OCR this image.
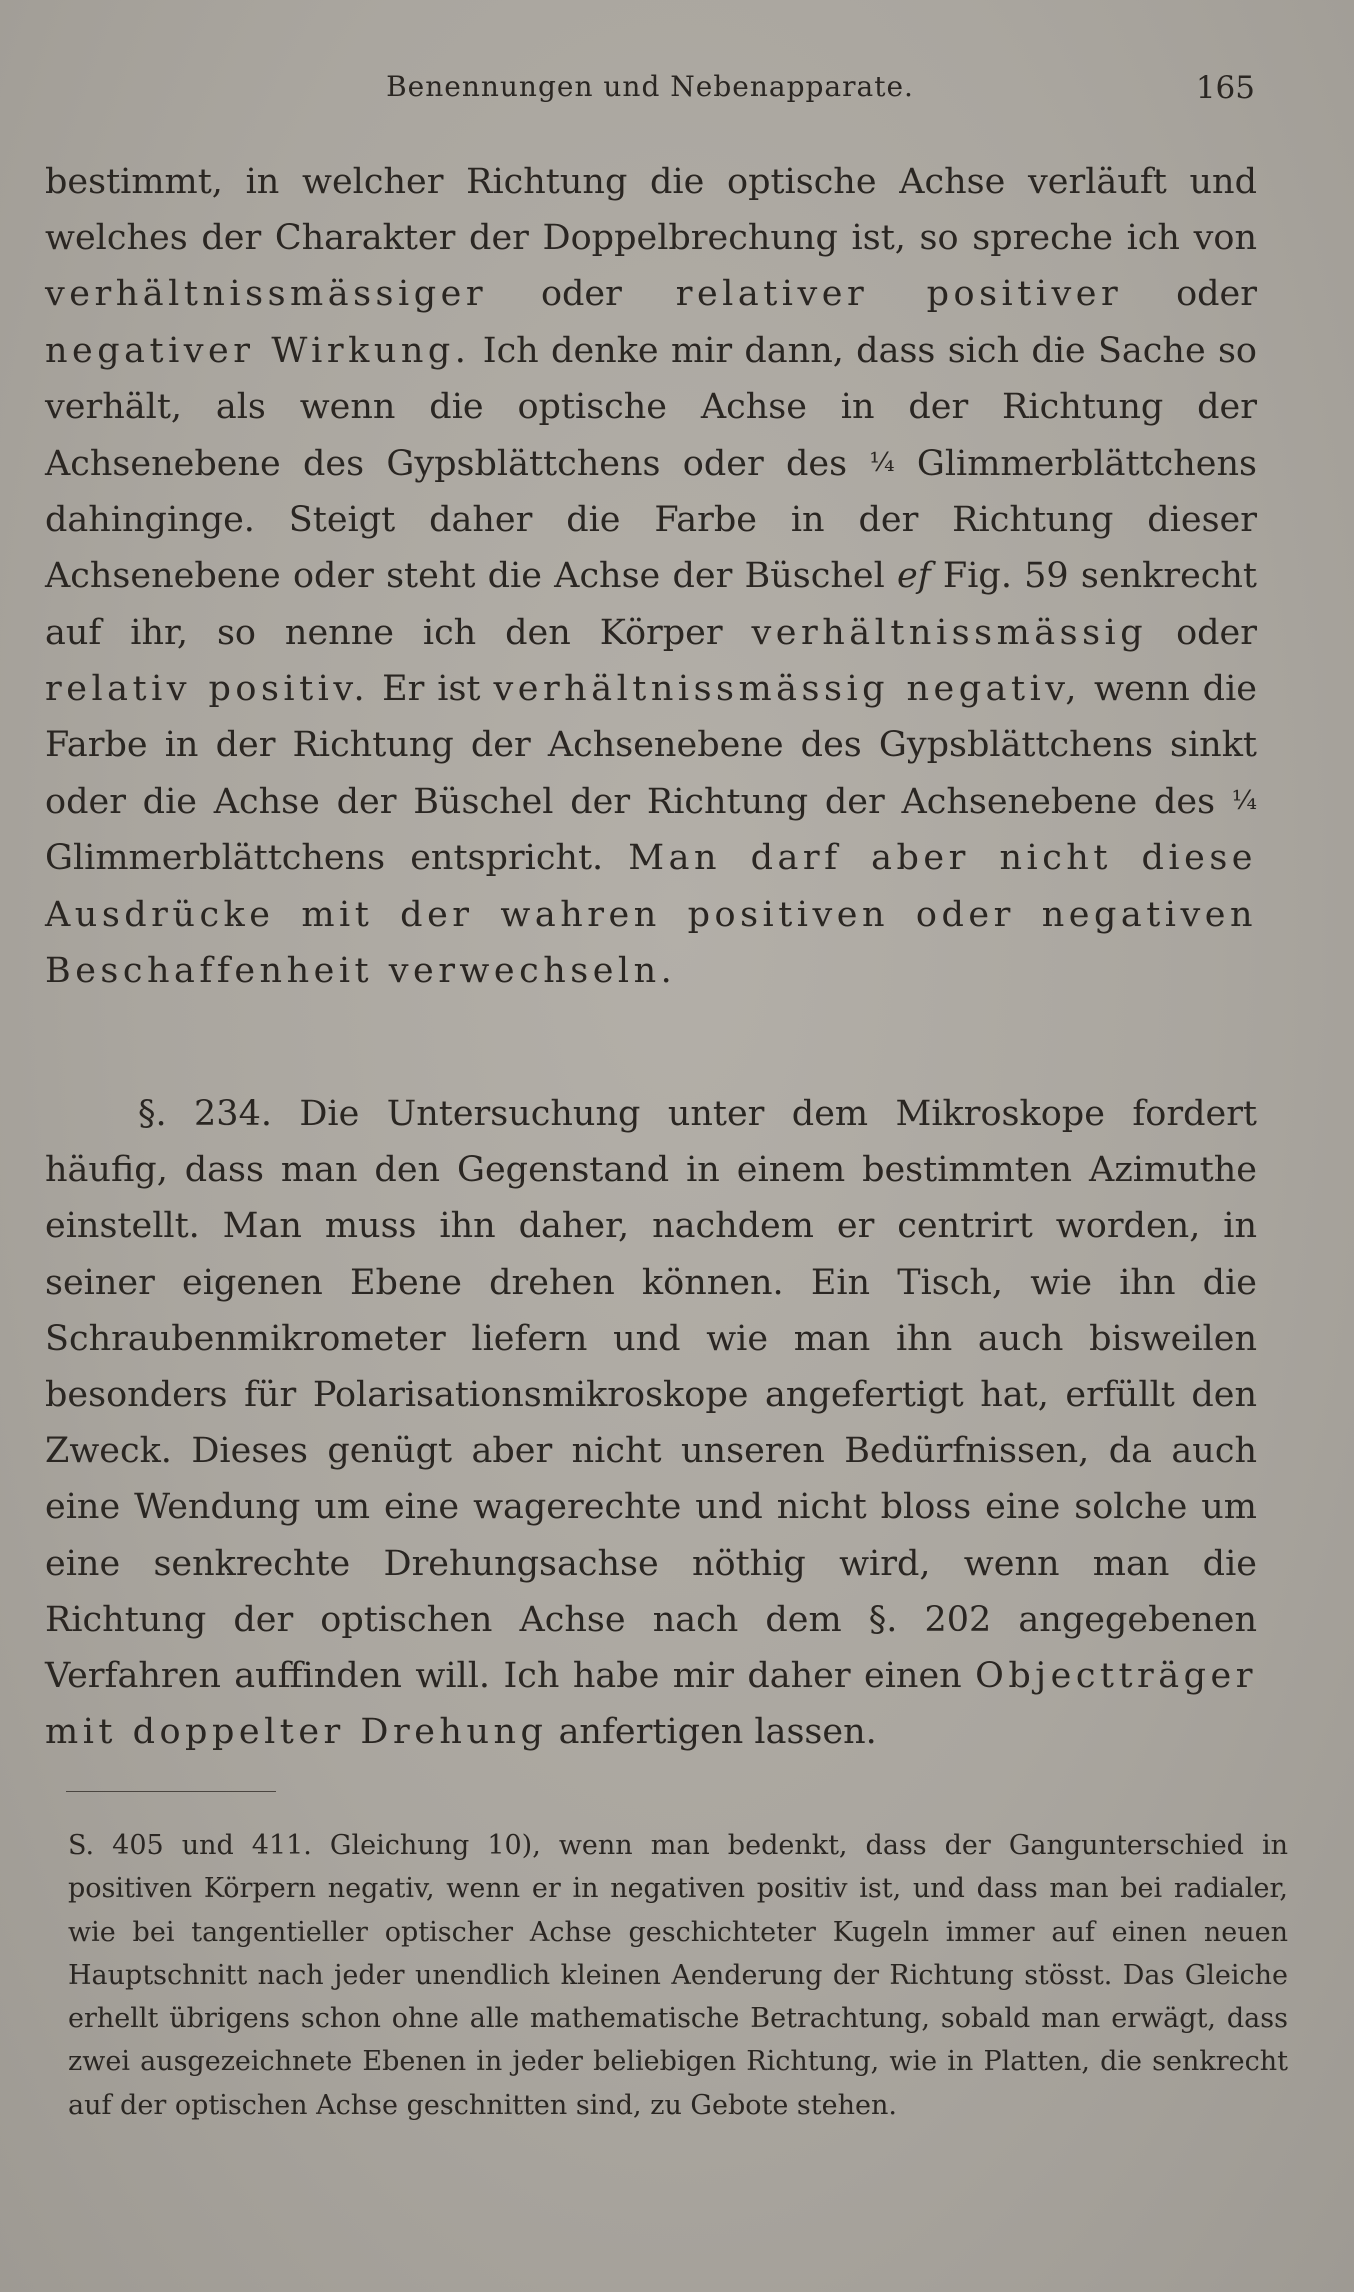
Benennungen und Nebenapparate.	165

bestimmt, in welcher Richtung die optische Achse verläuft und welches der Charakter der Doppelbrechung ist, so spreche ich von verhältnissmässiger oder relativer positiver oder negativer Wirkung. Ich denke mir dann, dass sich die Sache so verhält, als wenn die optische Achse in der Richtung der Achsenebene des Gypsblättchens oder des ¼ Glimmerblättchens dahingingе. Steigt daher die Farbe in der Richtung dieser Achsenebene oder steht die Achse der Büschel ef Fig. 59 senkrecht auf ihr, so nenne ich den Körper verhältnissmässig oder relativ positiv. Er ist verhältnissmässig negativ, wenn die Farbe in der Richtung der Achsenebene des Gypsblättchens sinkt oder die Achse der Büschel der Richtung der Achsenebene des ¼ Glimmerblättchens entspricht. Man darf aber nicht diese Ausdrücke mit der wahren positiven oder negativen Beschaffenheit verwechseln.

§. 234. Die Untersuchung unter dem Mikroskope fordert häufig, dass man den Gegenstand in einem bestimmten Azimuthe einstellt. Man muss ihn daher, nachdem er centrirt worden, in seiner eigenen Ebene drehen können. Ein Tisch, wie ihn die Schraubenmikrometer liefern und wie man ihn auch bisweilen besonders für Polarisationsmikroskope angefertigt hat, erfüllt den Zweck. Dieses genügt aber nicht unseren Bedürfnissen, da auch eine Wendung um eine wagerechte und nicht bloss eine solche um eine senkrechte Drehungsachse nöthig wird, wenn man die Richtung der optischen Achse nach dem §. 202 angegebenen Verfahren auffinden will. Ich habe mir daher einen Objectträger mit doppelter Drehung anfertigen lassen.

S. 405 und 411. Gleichung 10), wenn man bedenkt, dass der Gangunterschied in positiven Körpern negativ, wenn er in negativen positiv ist, und dass man bei radialer, wie bei tangentieller optischer Achse geschichteter Kugeln immer auf einen neuen Hauptschnitt nach jeder unendlich kleinen Aenderung der Richtung stösst. Das Gleiche erhellt übrigens schon ohne alle mathematische Betrachtung, sobald man erwägt, dass zwei ausgezeichnete Ebenen in jeder beliebigen Richtung, wie in Platten, die senkrecht auf der optischen Achse geschnitten sind, zu Gebote stehen.
